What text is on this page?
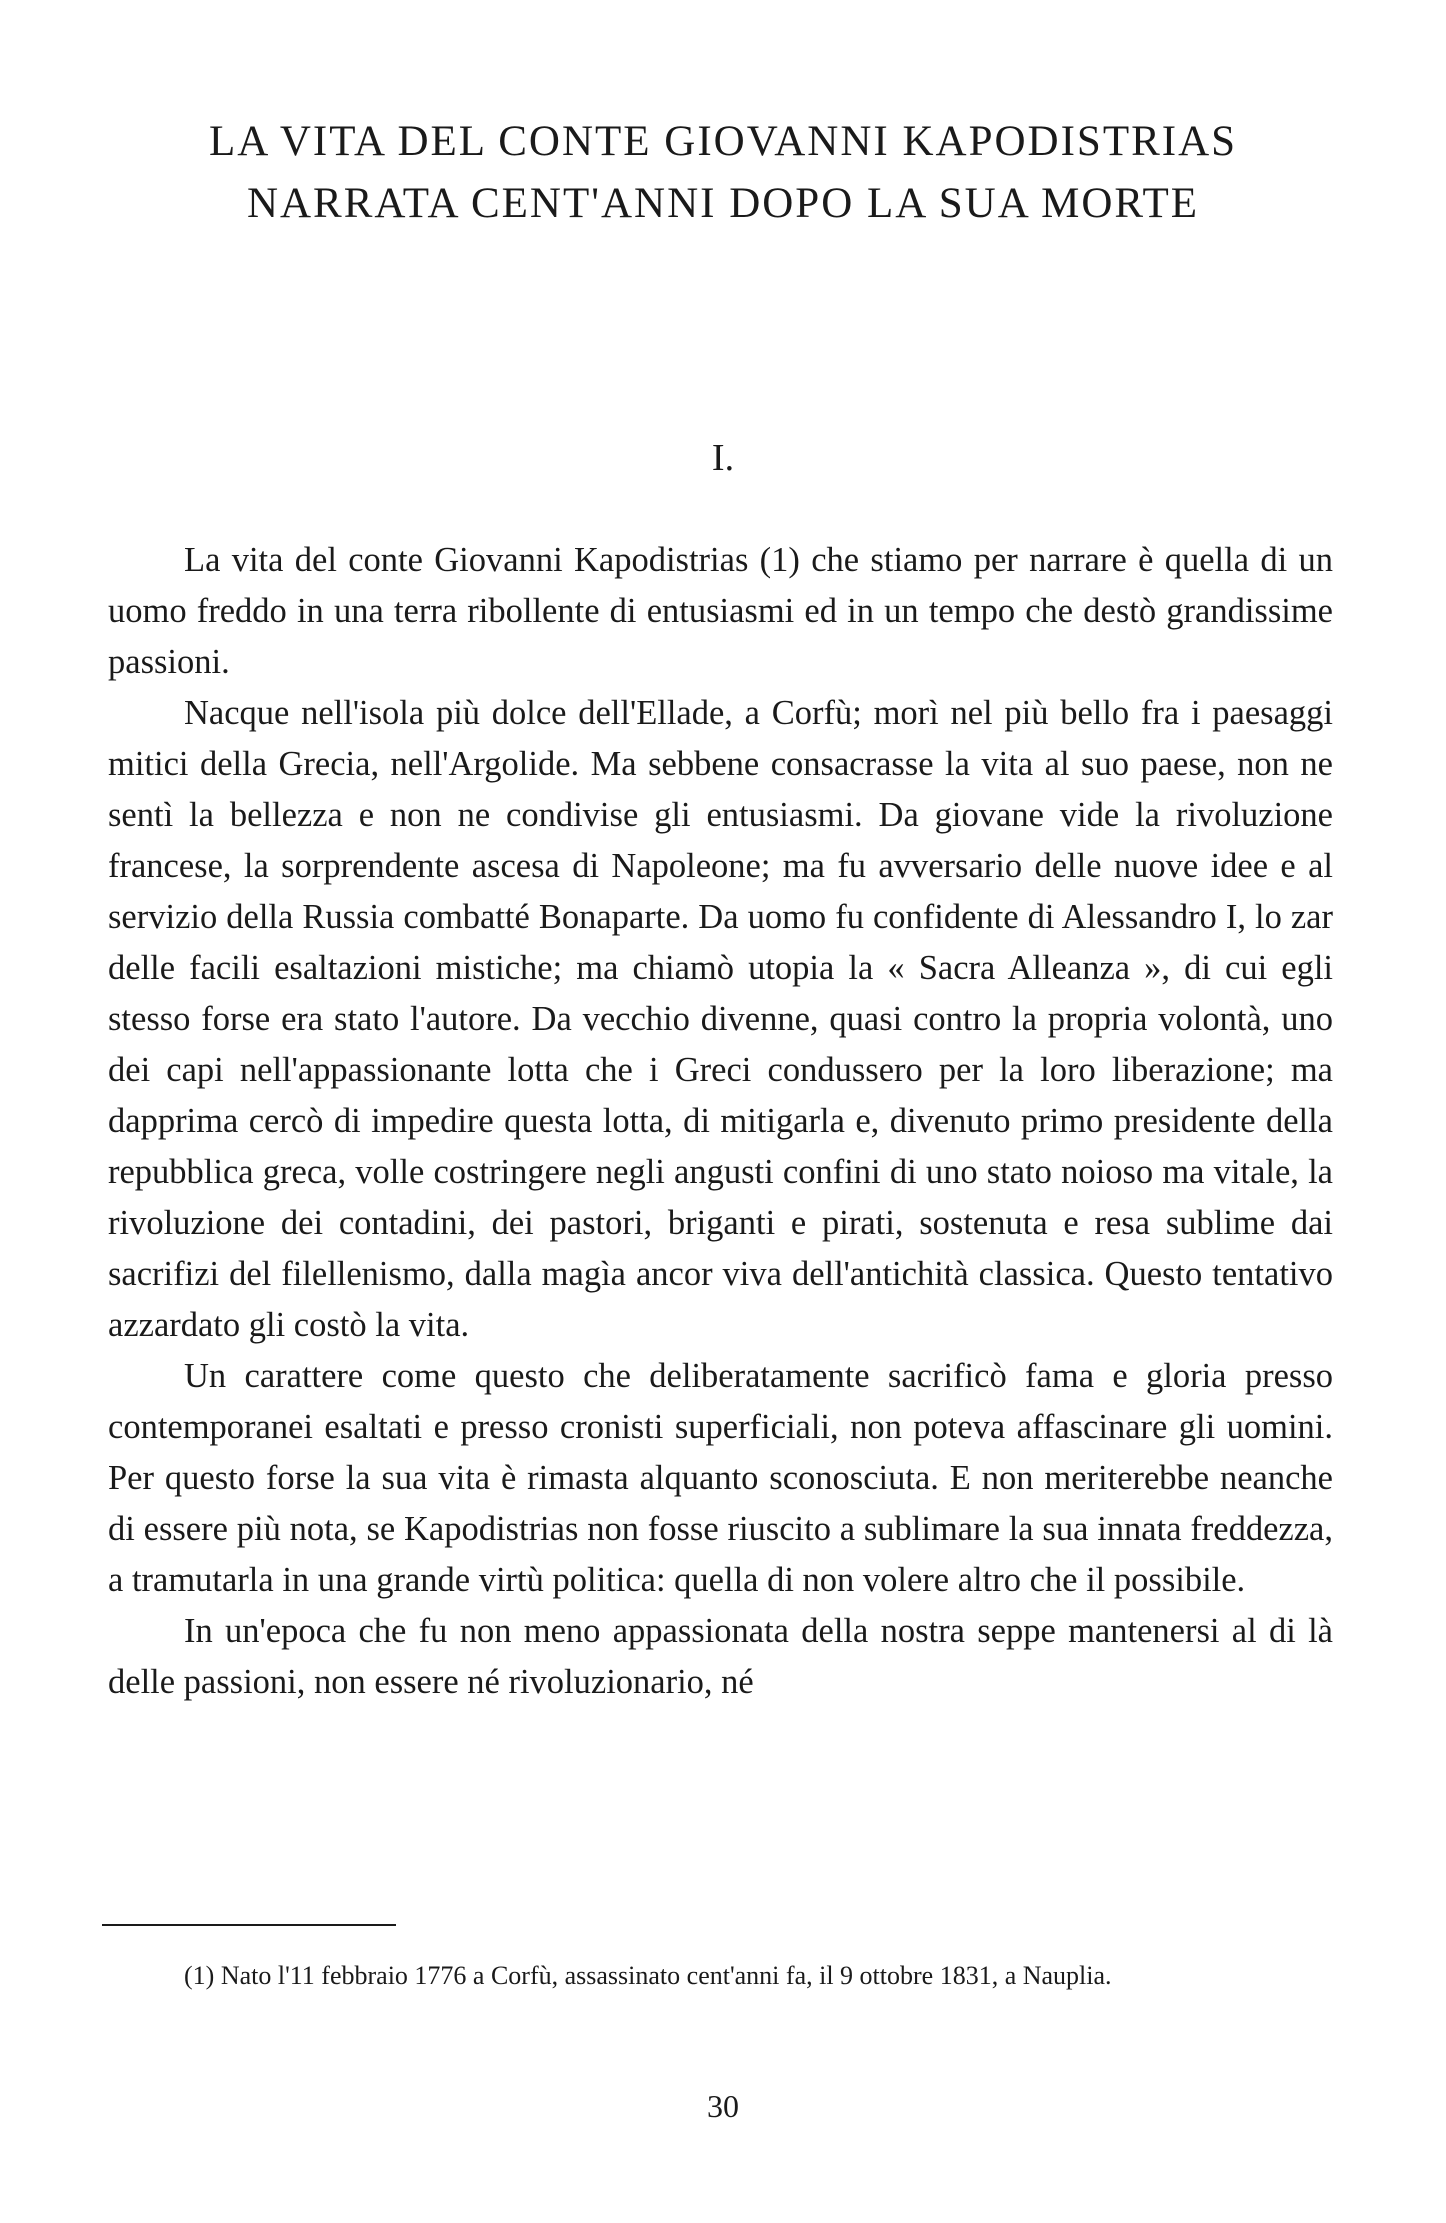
LA VITA DEL CONTE GIOVANNI KAPODISTRIAS
NARRATA CENT'ANNI DOPO LA SUA MORTE
I.

La vita del conte Giovanni Kapodistrias (1) che stiamo per narrare è quella di un uomo freddo in una terra ribollente di entusiasmi ed in un tempo che destò grandissime passioni.

Nacque nell'isola più dolce dell'Ellade, a Corfù; morì nel più bello fra i paesaggi mitici della Grecia, nell'Argolide. Ma sebbene consacrasse la vita al suo paese, non ne sentì la bellezza e non ne condivise gli entusiasmi. Da giovane vide la rivoluzione francese, la sorprendente ascesa di Napoleone; ma fu avversario delle nuove idee e al servizio della Russia combatté Bonaparte. Da uomo fu confidente di Alessandro I, lo zar delle facili esaltazioni mistiche; ma chiamò utopia la « Sacra Alleanza », di cui egli stesso forse era stato l'autore. Da vecchio divenne, quasi contro la propria volontà, uno dei capi nell'appassionante lotta che i Greci condussero per la loro liberazione; ma dapprima cercò di impedire questa lotta, di mitigarla e, divenuto primo presidente della repubblica greca, volle costringere negli angusti confini di uno stato noioso ma vitale, la rivoluzione dei contadini, dei pastori, briganti e pirati, sostenuta e resa sublime dai sacrifizi del filellenismo, dalla magìa ancor viva dell'antichità classica. Questo tentativo azzardato gli costò la vita.

Un carattere come questo che deliberatamente sacrificò fama e gloria presso contemporanei esaltati e presso cronisti superficiali, non poteva affascinare gli uomini. Per questo forse la sua vita è rimasta alquanto sconosciuta. E non meriterebbe neanche di essere più nota, se Kapodistrias non fosse riuscito a sublimare la sua innata freddezza, a tramutarla in una grande virtù politica: quella di non volere altro che il possibile.

In un'epoca che fu non meno appassionata della nostra seppe mantenersi al di là delle passioni, non essere né rivoluzionario, né

(1) Nato l'11 febbraio 1776 a Corfù, assassinato cent'anni fa, il 9 ottobre 1831, a Nauplia.
30
